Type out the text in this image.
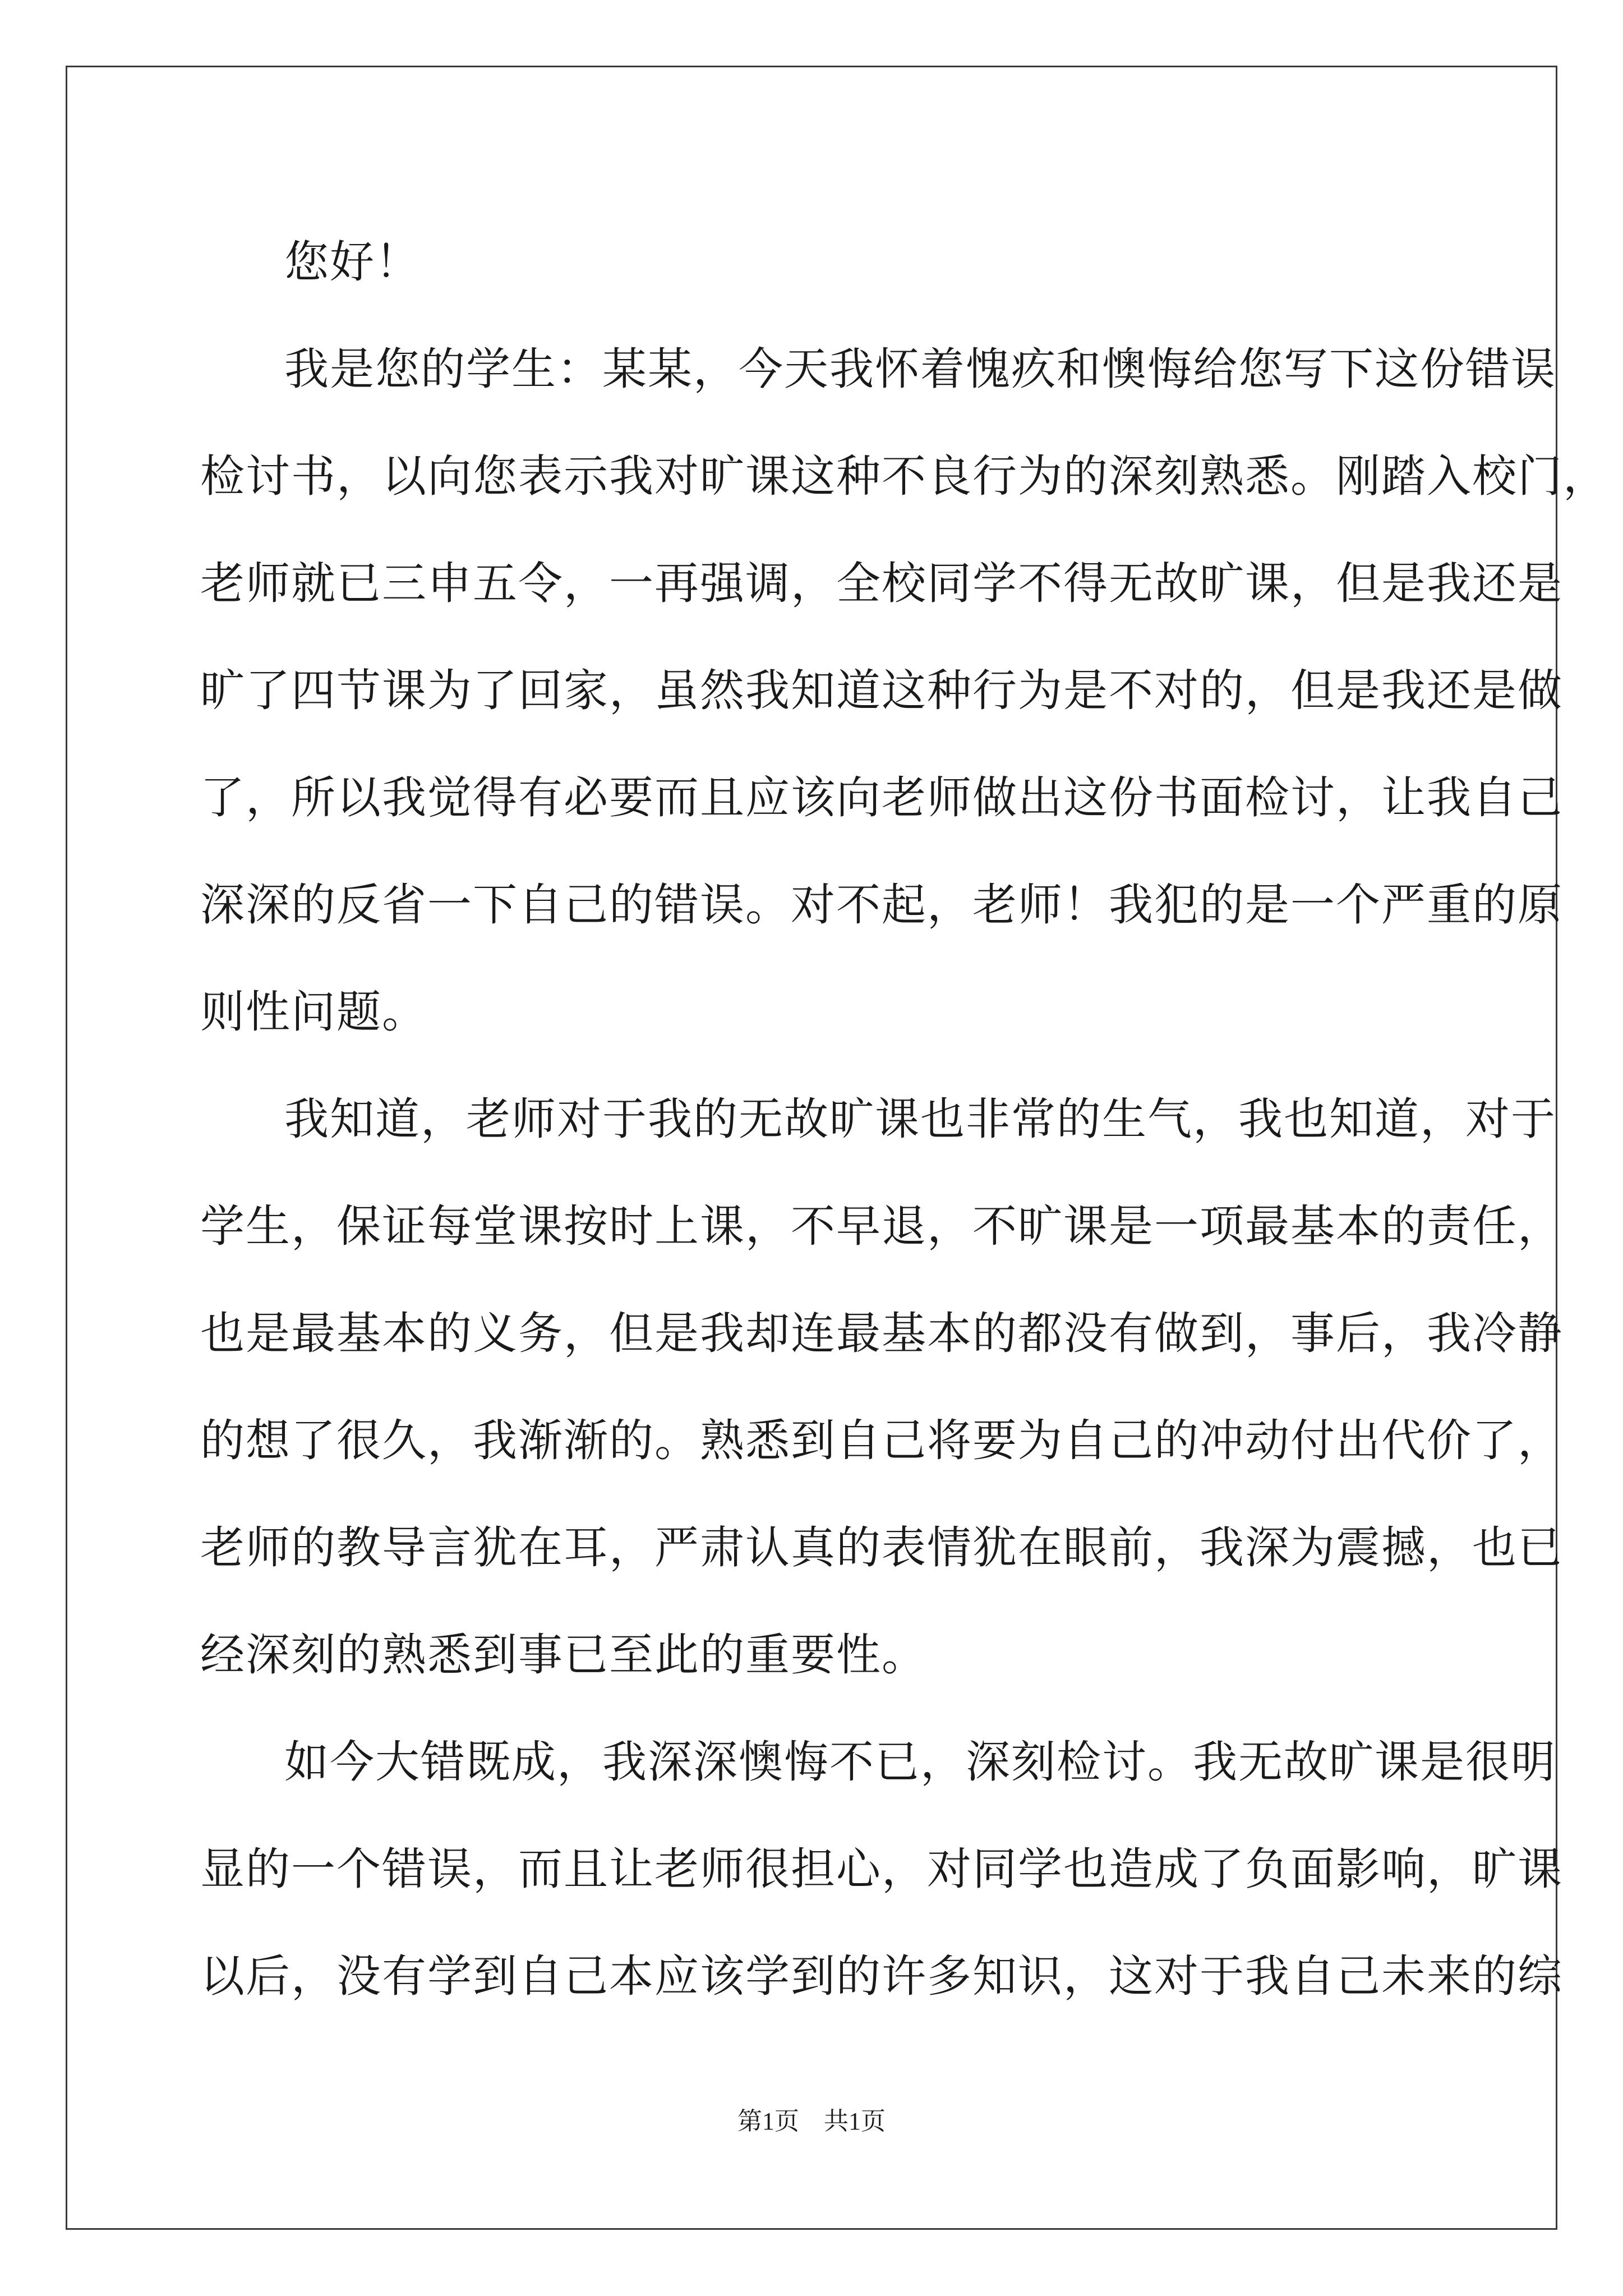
您好！
我是您的学生：某某，今天我怀着愧疚和懊悔给您写下这份错误
检讨书，以向您表示我对旷课这种不良行为的深刻熟悉。刚踏入校门，
老师就已三申五令，一再强调，全校同学不得无故旷课，但是我还是
旷了四节课为了回家，虽然我知道这种行为是不对的，但是我还是做
了，所以我觉得有必要而且应该向老师做出这份书面检讨，让我自己
深深的反省一下自己的错误。对不起，老师！我犯的是一个严重的原
则性问题。
我知道，老师对于我的无故旷课也非常的生气，我也知道，对于
学生，保证每堂课按时上课，不早退，不旷课是一项最基本的责任，
也是最基本的义务，但是我却连最基本的都没有做到，事后，我冷静
的想了很久，我渐渐的。熟悉到自己将要为自己的冲动付出代价了，
老师的教导言犹在耳，严肃认真的表情犹在眼前，我深为震撼，也已
经深刻的熟悉到事已至此的重要性。
如今大错既成，我深深懊悔不已，深刻检讨。我无故旷课是很明
显的一个错误，而且让老师很担心，对同学也造成了负面影响，旷课
以后，没有学到自己本应该学到的许多知识，这对于我自己未来的综
第1页　共1页
